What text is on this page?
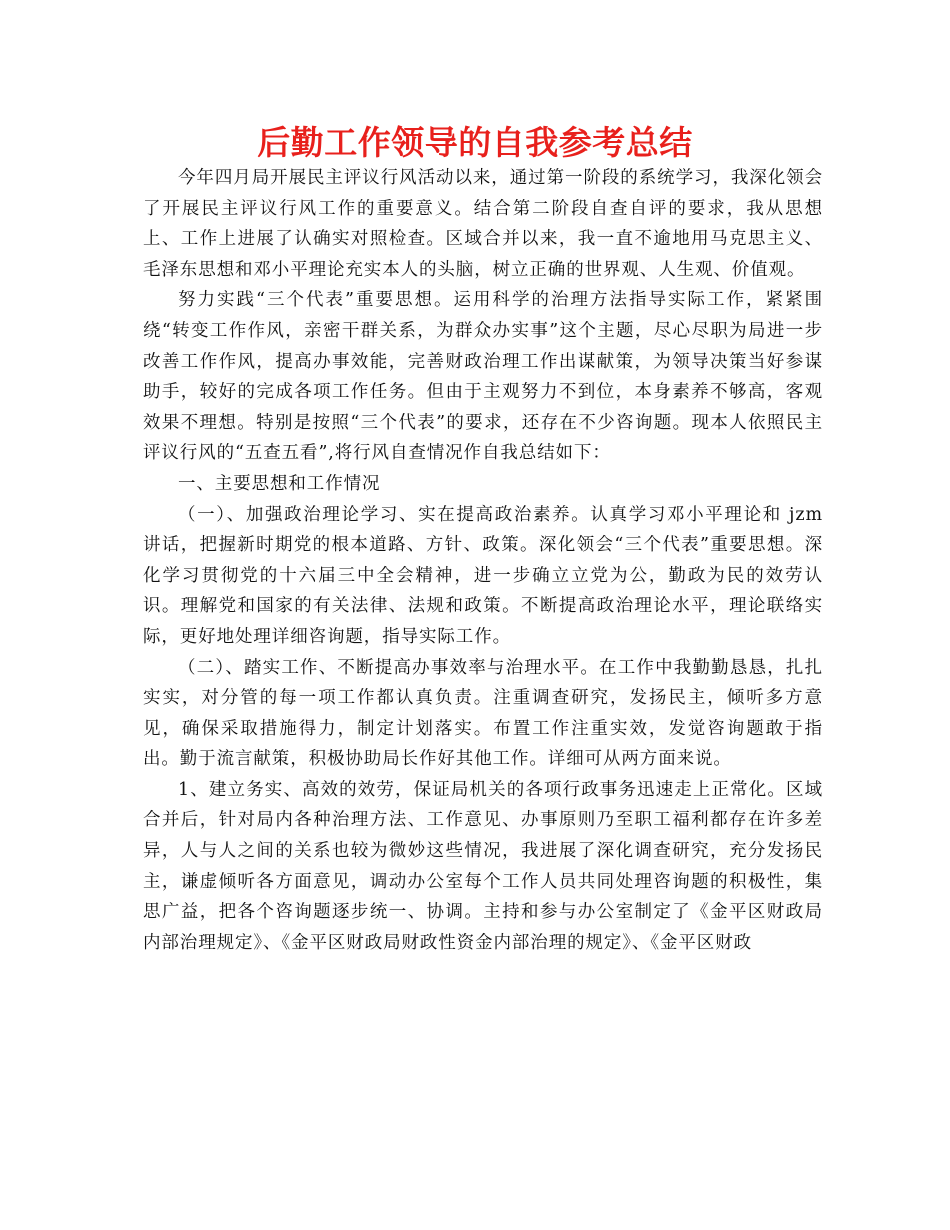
后勤工作领导的自我参考总结

今年四月局开展民主评议行风活动以来，通过第一阶段的系统学习，我深化领会了开展民主评议行风工作的重要意义。结合第二阶段自查自评的要求，我从思想上、工作上进展了认确实对照检查。区域合并以来，我一直不逾地用马克思主义、毛泽东思想和邓小平理论充实本人的头脑，树立正确的世界观、人生观、价值观。

努力实践“三个代表”重要思想。运用科学的治理方法指导实际工作，紧紧围绕“转变工作作风，亲密干群关系，为群众办实事”这个主题，尽心尽职为局进一步改善工作作风，提高办事效能，完善财政治理工作出谋献策，为领导决策当好参谋助手，较好的完成各项工作任务。但由于主观努力不到位，本身素养不够高，客观效果不理想。特别是按照“三个代表”的要求，还存在不少咨询题。现本人依照民主评议行风的“五查五看”,将行风自查情况作自我总结如下：

一、主要思想和工作情况

（一）、加强政治理论学习、实在提高政治素养。认真学习邓小平理论和 jzm 讲话，把握新时期党的根本道路、方针、政策。深化领会“三个代表”重要思想。深化学习贯彻党的十六届三中全会精神，进一步确立立党为公，勤政为民的效劳认识。理解党和国家的有关法律、法规和政策。不断提高政治理论水平，理论联络实际，更好地处理详细咨询题，指导实际工作。

（二）、踏实工作、不断提高办事效率与治理水平。在工作中我勤勤恳恳，扎扎实实，对分管的每一项工作都认真负责。注重调查研究，发扬民主，倾听多方意见，确保采取措施得力，制定计划落实。布置工作注重实效，发觉咨询题敢于指出。勤于流言献策，积极协助局长作好其他工作。详细可从两方面来说。

1、建立务实、高效的效劳，保证局机关的各项行政事务迅速走上正常化。区域合并后，针对局内各种治理方法、工作意见、办事原则乃至职工福利都存在许多差异，人与人之间的关系也较为微妙这些情况，我进展了深化调查研究，充分发扬民主，谦虚倾听各方面意见，调动办公室每个工作人员共同处理咨询题的积极性，集思广益，把各个咨询题逐步统一、协调。主持和参与办公室制定了《金平区财政局内部治理规定》、《金平区财政局财政性资金内部治理的规定》、《金平区财政
